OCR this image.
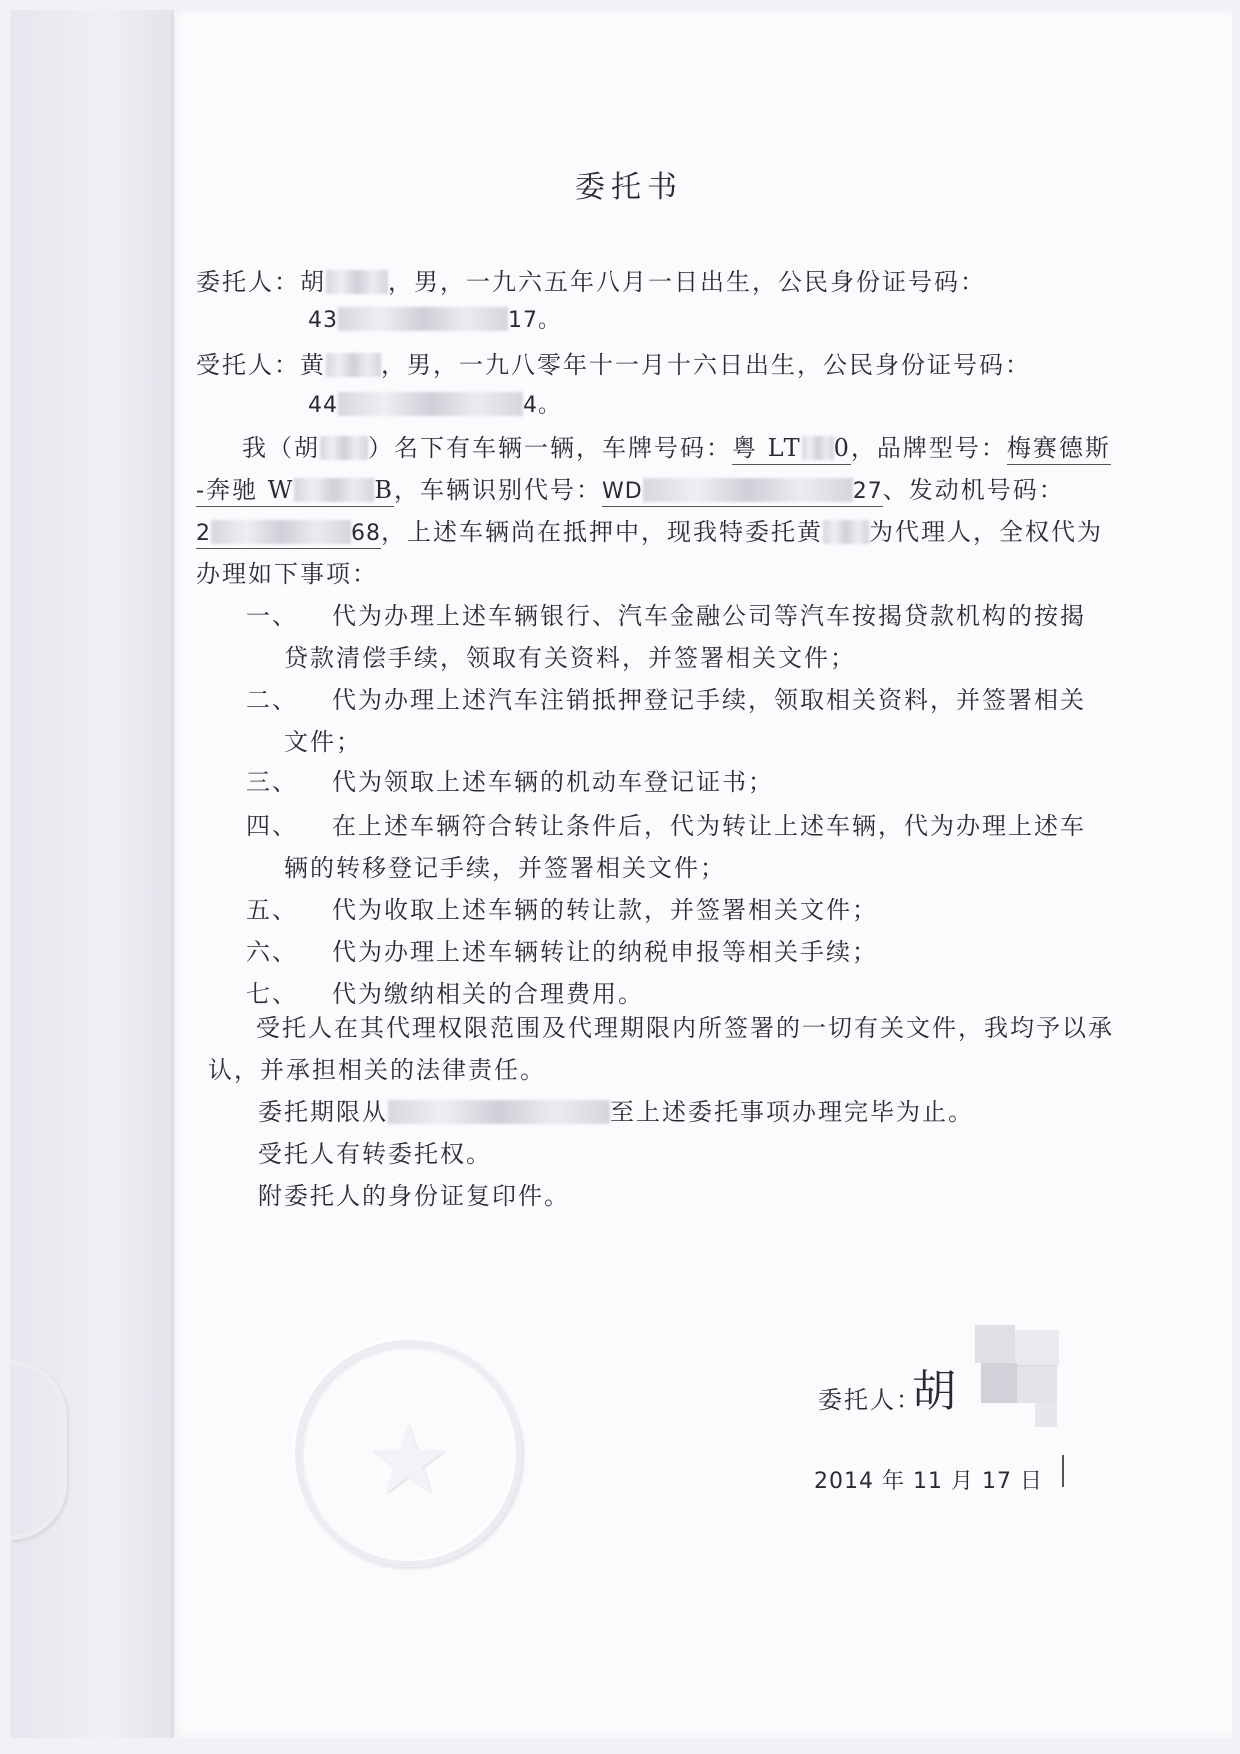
委托书
委托人：胡	，男，一九六五年八月一日出生，公民身份证号码：
43	17。
受托人：黄 ，男，一九八零年十一月十六日出生，公民身份证号码：
44	4。
我（胡 ）名下有车辆一辆，车牌号码：粤 LT 0，品牌型号：梅赛德斯
-奔驰 W	B，车辆识别代号：WD	27、发动机号码：
2	68，上述车辆尚在抵押中，现我特委托黄 为代理人，全权代为
办理如下事项：
一、 代为办理上述车辆银行、汽车金融公司等汽车按揭贷款机构的按揭
贷款清偿手续，领取有关资料，并签署相关文件；
二、 代为办理上述汽车注销抵押登记手续，领取相关资料，并签署相关
文件；
三、 代为领取上述车辆的机动车登记证书；
四、 在上述车辆符合转让条件后，代为转让上述车辆，代为办理上述车
辆的转移登记手续，并签署相关文件；
五、 代为收取上述车辆的转让款，并签署相关文件；
六、 代为办理上述车辆转让的纳税申报等相关手续；
七、 代为缴纳相关的合理费用。
受托人在其代理权限范围及代理期限内所签署的一切有关文件，我均予以承
认，并承担相关的法律责任。
委托期限从	至上述委托事项办理完毕为止。
受托人有转委托权。
附委托人的身份证复印件。
★
委托人：
胡
2014 年 11 月 17 日
